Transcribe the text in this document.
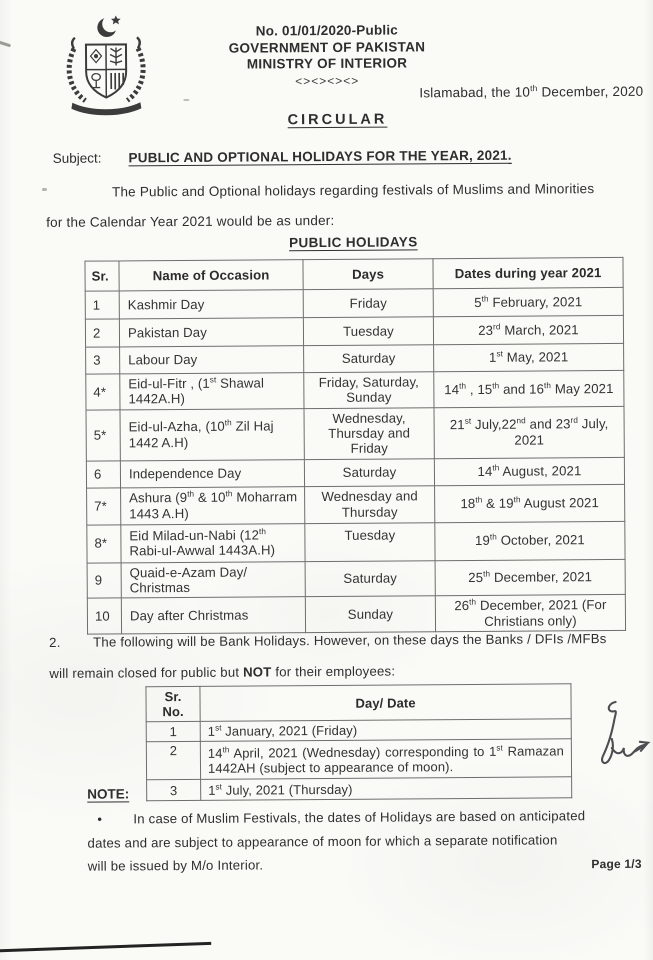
No. 01/01/2020-Public
GOVERNMENT OF PAKISTAN
MINISTRY OF INTERIOR
<><><><>
Islamabad, the 10th December, 2020
CIRCULAR
Subject: PUBLIC AND OPTIONAL HOLIDAYS FOR THE YEAR, 2021.
The Public and Optional holidays regarding festivals of Muslims and Minorities
for the Calendar Year 2021 would be as under:
PUBLIC HOLIDAYS
Sr.	Name of Occasion	Days	Dates during year 2021
1	Kashmir Day	Friday	5th February, 2021
2	Pakistan Day	Tuesday	23rd March, 2021
3	Labour Day	Saturday	1st May, 2021
4*	Eid-ul-Fitr , (1st Shawal 1442A.H)	Friday, Saturday, Sunday	14th , 15th and 16th May 2021
5*	Eid-ul-Azha, (10th Zil Haj 1442 A.H)	Wednesday, Thursday and Friday	21st July,22nd and 23rd July, 2021
6	Independence Day	Saturday	14th August, 2021
7*	Ashura (9th & 10th Moharram 1443 A.H)	Wednesday and Thursday	18th & 19th August 2021
8*	Eid Milad-un-Nabi (12th Rabi-ul-Awwal 1443A.H)	Tuesday	19th October, 2021
9	Quaid-e-Azam Day/ Christmas	Saturday	25th December, 2021
10	Day after Christmas	Sunday	26th December, 2021 (For Christians only)
2. The following will be Bank Holidays. However, on these days the Banks / DFIs /MFBs
will remain closed for public but NOT for their employees:
Sr. No.	Day/ Date
1	1st January, 2021 (Friday)
2	14th April, 2021 (Wednesday) corresponding to 1st Ramazan 1442AH (subject to appearance of moon).
3	1st July, 2021 (Thursday)
NOTE:
• In case of Muslim Festivals, the dates of Holidays are based on anticipated
dates and are subject to appearance of moon for which a separate notification
will be issued by M/o Interior.	Page 1/3
